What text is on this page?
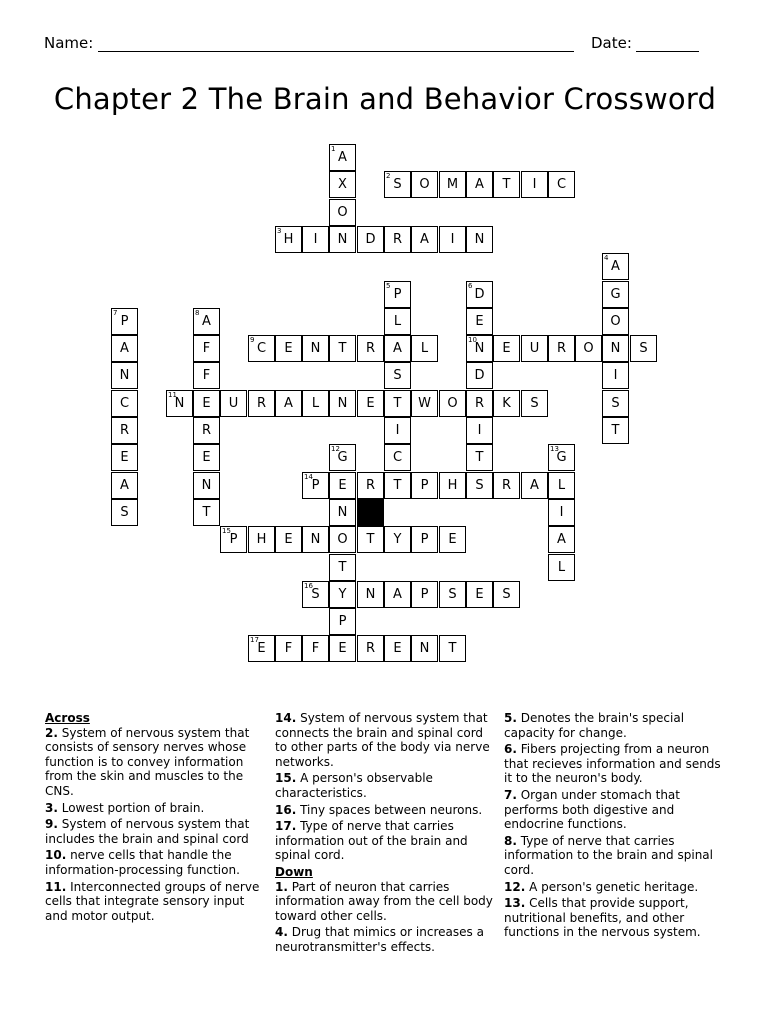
Name:	Date:
Chapter 2 The Brain and Behavior Crossword
1
A
X
O
N
2
S	O	M	A	T	I	C
3
H	I	D	R	A	I	N
4
A
G
O
N
I
S
T
5
P
L
A
S
T
I
C
T
6
D
E
10
N
D
R
I
T
S
7
P
A
N
C
R
E
A
S
8
A
F
F
E
R
E
N
T
9
C	E	N	T	R	L	E	U	R	O	S
11
N	U	R	A	L	N	E	W	O	K	S
12
G
E
N
O
T
Y
P
E
13
G
L
I
A
L
14
P	R	P	H	R	A
15
P	H	E	N	T	Y	P	E
16
S	N	A	P	S	E	S
17
E	F	F	R	E	N	T
Across
2. System of nervous system that consists of sensory nerves whose function is to convey information from the skin and muscles to the CNS.
3. Lowest portion of brain.
9. System of nervous system that includes the brain and spinal cord
10. nerve cells that handle the information-processing function.
11. Interconnected groups of nerve cells that integrate sensory input and motor output.
14. System of nervous system that connects the brain and spinal cord to other parts of the body via nerve networks.
15. A person's observable characteristics.
16. Tiny spaces between neurons.
17. Type of nerve that carries information out of the brain and spinal cord.
Down
1. Part of neuron that carries information away from the cell body toward other cells.
4. Drug that mimics or increases a neurotransmitter's effects.
5. Denotes the brain's special capacity for change.
6. Fibers projecting from a neuron that recieves information and sends it to the neuron's body.
7. Organ under stomach that performs both digestive and endocrine functions.
8. Type of nerve that carries information to the brain and spinal cord.
12. A person's genetic heritage.
13. Cells that provide support, nutritional benefits, and other functions in the nervous system.
